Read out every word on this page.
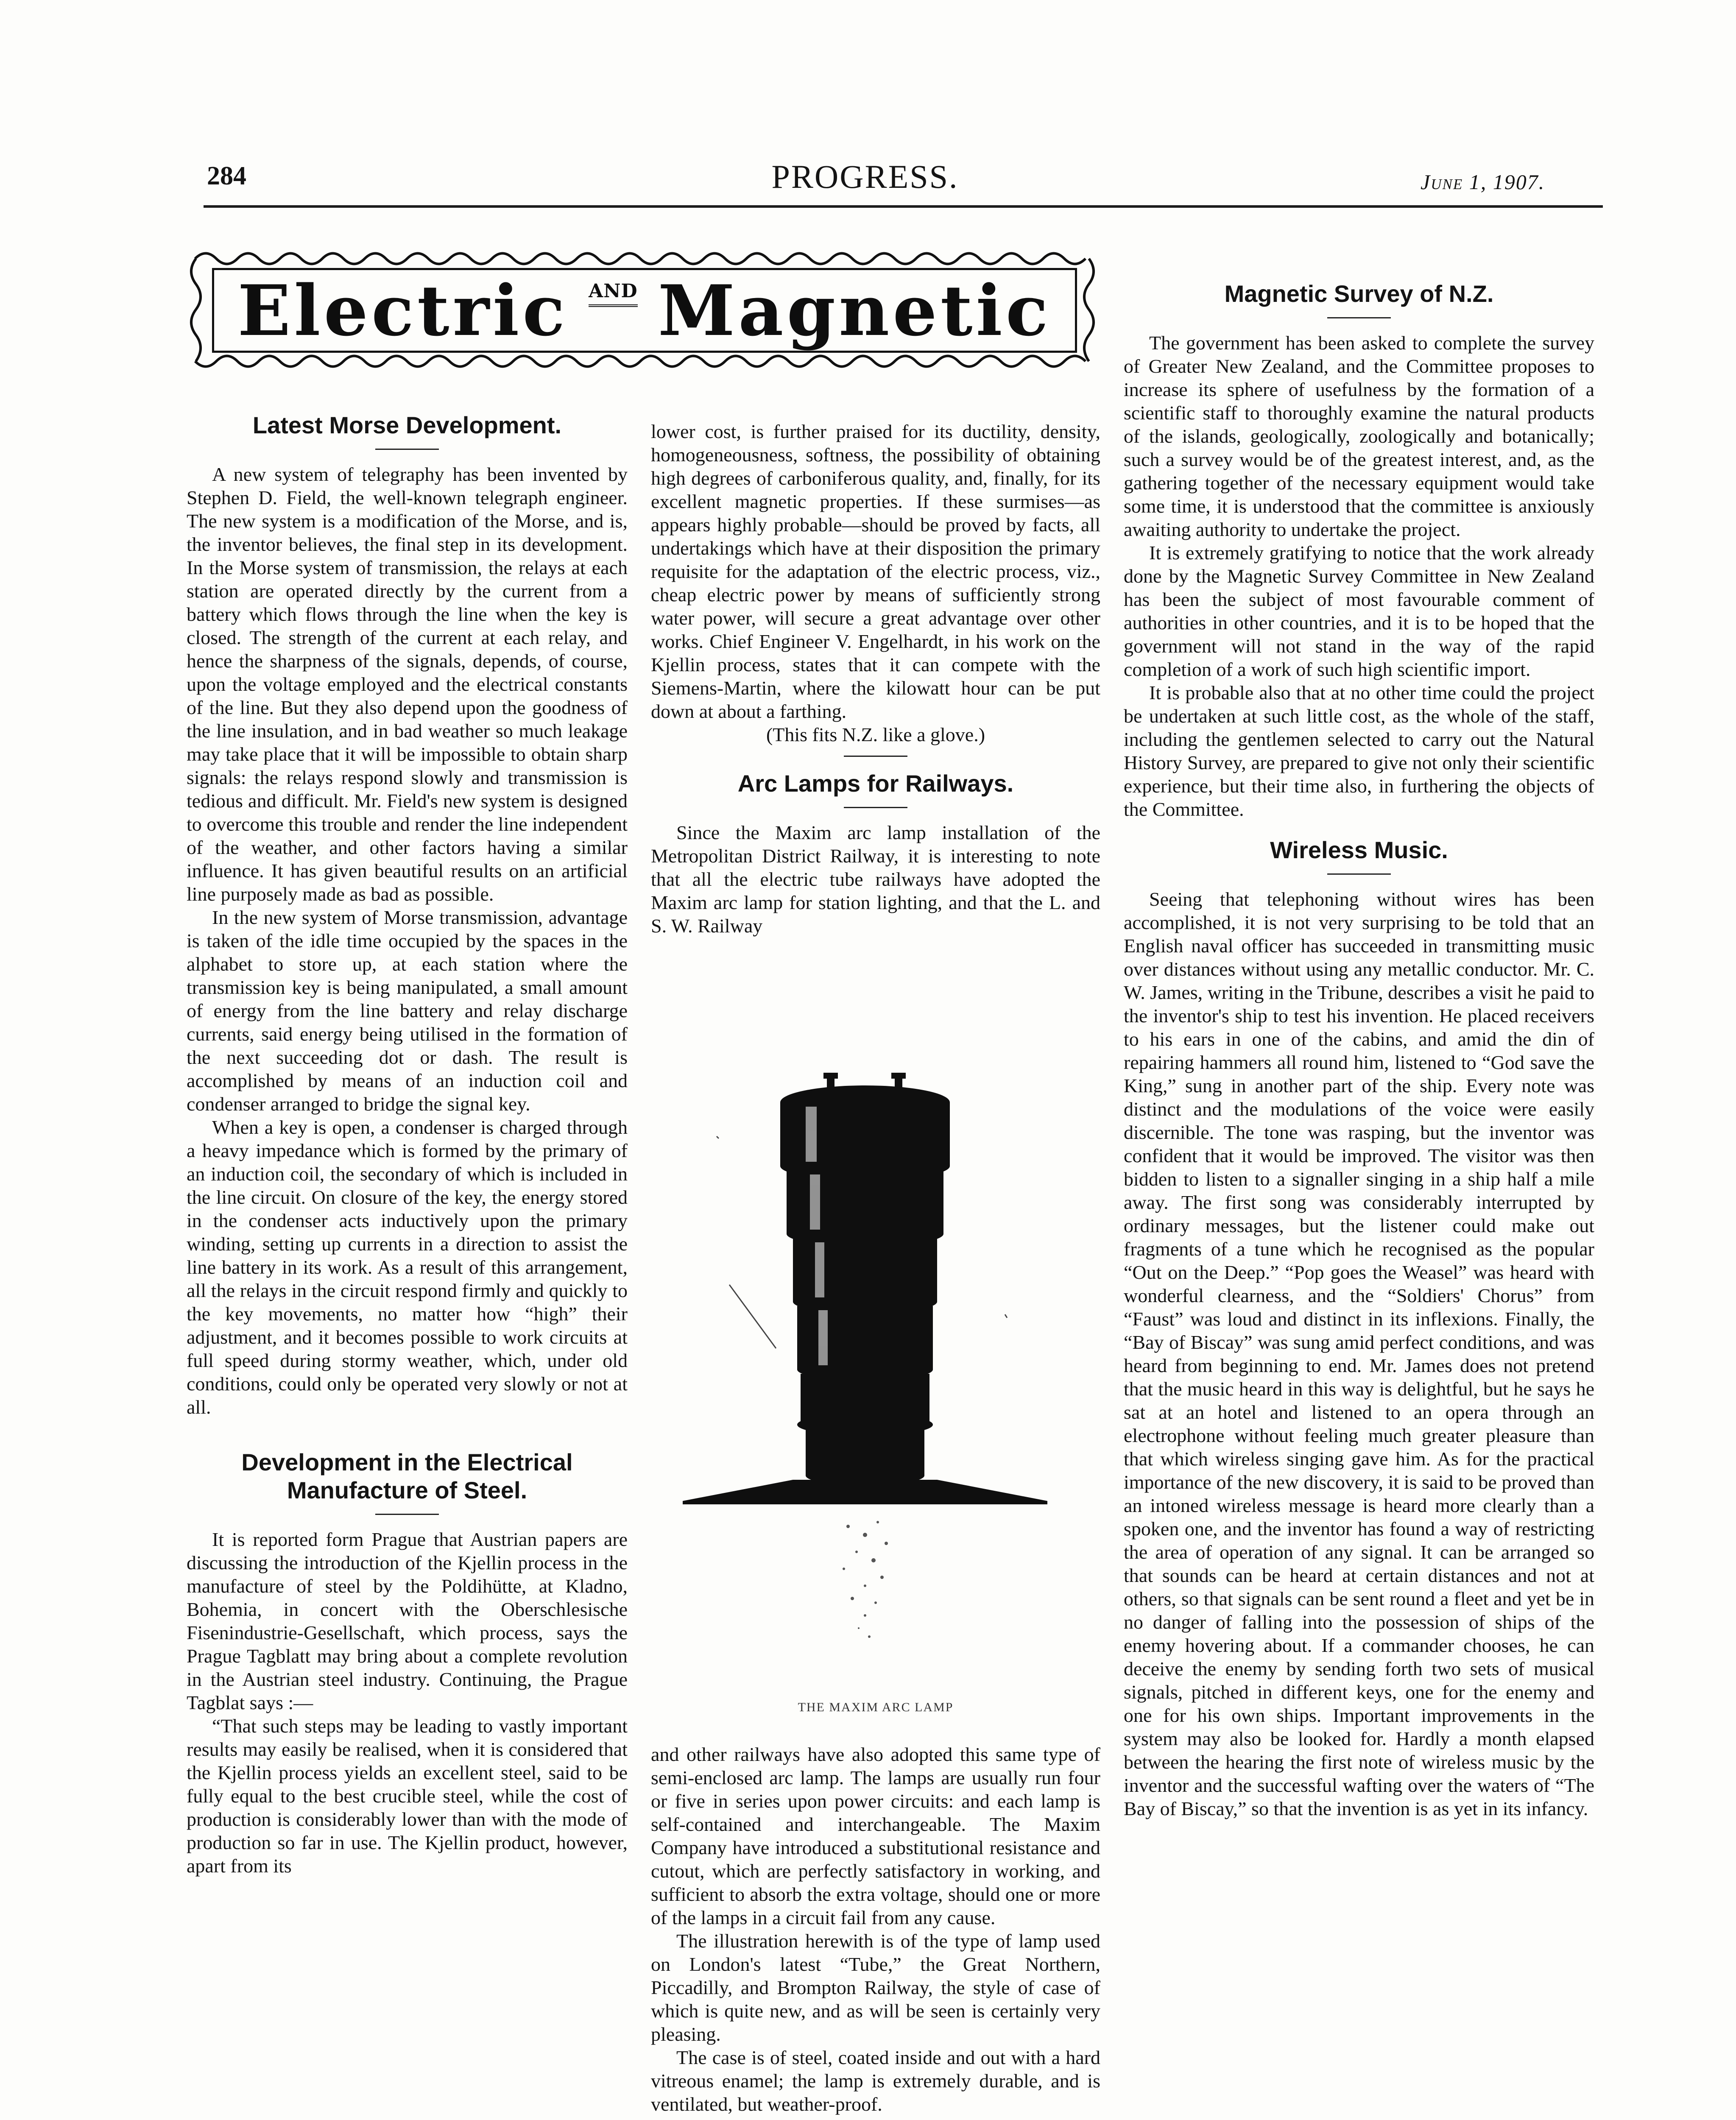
284	PROGRESS.	June 1, 1907.
Electric AND Magnetic
Latest Morse Development.

A new system of telegraphy has been invented by Stephen D. Field, the well-known telegraph engineer. The new system is a modification of the Morse, and is, the inventor believes, the final step in its development. In the Morse system of transmission, the relays at each station are operated directly by the current from a battery which flows through the line when the key is closed. The strength of the current at each relay, and hence the sharpness of the signals, depends, of course, upon the voltage employed and the electrical constants of the line. But they also depend upon the goodness of the line insulation, and in bad weather so much leakage may take place that it will be impossible to obtain sharp signals: the relays respond slowly and transmission is tedious and difficult. Mr. Field's new system is designed to overcome this trouble and render the line independent of the weather, and other factors having a similar influence. It has given beautiful results on an artificial line purposely made as bad as possible.

In the new system of Morse transmission, advantage is taken of the idle time occupied by the spaces in the alphabet to store up, at each station where the transmission key is being manipulated, a small amount of energy from the line battery and relay discharge currents, said energy being utilised in the formation of the next succeeding dot or dash. The result is accomplished by means of an induction coil and condenser arranged to bridge the signal key.

When a key is open, a condenser is charged through a heavy impedance which is formed by the primary of an induction coil, the secondary of which is included in the line circuit. On closure of the key, the energy stored in the condenser acts inductively upon the primary winding, setting up currents in a direction to assist the line battery in its work. As a result of this arrangement, all the relays in the circuit respond firmly and quickly to the key movements, no matter how “high” their adjustment, and it becomes possible to work circuits at full speed during stormy weather, which, under old conditions, could only be operated very slowly or not at all.

Development in the Electrical
Manufacture of Steel.

It is reported form Prague that Austrian papers are discussing the introduction of the Kjellin process in the manufacture of steel by the Poldihütte, at Kladno, Bohemia, in concert with the Oberschlesische Fisenindustrie-Gesellschaft, which process, says the Prague Tagblatt may bring about a complete revolution in the Austrian steel industry. Continuing, the Prague Tagblat says :—

“That such steps may be leading to vastly important results may easily be realised, when it is considered that the Kjellin process yields an excellent steel, said to be fully equal to the best crucible steel, while the cost of production is considerably lower than with the mode of production so far in use. The Kjellin product, however, apart from its

lower cost, is further praised for its ductility, density, homogeneousness, softness, the possibility of obtaining high degrees of carboniferous quality, and, finally, for its excellent magnetic properties. If these surmises—as appears highly probable—should be proved by facts, all undertakings which have at their disposition the primary requisite for the adaptation of the electric process, viz., cheap electric power by means of sufficiently strong water power, will secure a great advantage over other works. Chief Engineer V. Engelhardt, in his work on the Kjellin process, states that it can compete with the Siemens-Martin, where the kilowatt hour can be put down at about a farthing.

(This fits N.Z. like a glove.)

Arc Lamps for Railways.

Since the Maxim arc lamp installation of the Metropolitan District Railway, it is interesting to note that all the electric tube railways have adopted the Maxim arc lamp for station lighting, and that the L. and S. W. Railway

THE MAXIM ARC LAMP

and other railways have also adopted this same type of semi-enclosed arc lamp. The lamps are usually run four or five in series upon power circuits: and each lamp is self-contained and interchangeable. The Maxim Company have introduced a substitutional resistance and cutout, which are perfectly satisfactory in working, and sufficient to absorb the extra voltage, should one or more of the lamps in a circuit fail from any cause.

The illustration herewith is of the type of lamp used on London's latest “Tube,” the Great Northern, Piccadilly, and Brompton Railway, the style of case of which is quite new, and as will be seen is certainly very pleasing.

The case is of steel, coated inside and out with a hard vitreous enamel; the lamp is extremely durable, and is ventilated, but weather-proof.

Magnetic Survey of N.Z.

The government has been asked to complete the survey of Greater New Zealand, and the Committee proposes to increase its sphere of usefulness by the formation of a scientific staff to thoroughly examine the natural products of the islands, geologically, zoologically and botanically; such a survey would be of the greatest interest, and, as the gathering together of the necessary equipment would take some time, it is understood that the committee is anxiously awaiting authority to undertake the project.

It is extremely gratifying to notice that the work already done by the Magnetic Survey Committee in New Zealand has been the subject of most favourable comment of authorities in other countries, and it is to be hoped that the government will not stand in the way of the rapid completion of a work of such high scientific import.

It is probable also that at no other time could the project be undertaken at such little cost, as the whole of the staff, including the gentlemen selected to carry out the Natural History Survey, are prepared to give not only their scientific experience, but their time also, in furthering the objects of the Committee.

Wireless Music.

Seeing that telephoning without wires has been accomplished, it is not very surprising to be told that an English naval officer has succeeded in transmitting music over distances without using any metallic conductor. Mr. C. W. James, writing in the Tribune, describes a visit he paid to the inventor's ship to test his invention. He placed receivers to his ears in one of the cabins, and amid the din of repairing hammers all round him, listened to “God save the King,” sung in another part of the ship. Every note was distinct and the modulations of the voice were easily discernible. The tone was rasping, but the inventor was confident that it would be improved. The visitor was then bidden to listen to a signaller singing in a ship half a mile away. The first song was considerably interrupted by ordinary messages, but the listener could make out fragments of a tune which he recognised as the popular “Out on the Deep.” “Pop goes the Weasel” was heard with wonderful clearness, and the “Soldiers' Chorus” from “Faust” was loud and distinct in its inflexions. Finally, the “Bay of Biscay” was sung amid perfect conditions, and was heard from beginning to end. Mr. James does not pretend that the music heard in this way is delightful, but he says he sat at an hotel and listened to an opera through an electrophone without feeling much greater pleasure than that which wireless singing gave him. As for the practical importance of the new discovery, it is said to be proved than an intoned wireless message is heard more clearly than a spoken one, and the inventor has found a way of restricting the area of operation of any signal. It can be arranged so that sounds can be heard at certain distances and not at others, so that signals can be sent round a fleet and yet be in no danger of falling into the possession of ships of the enemy hovering about. If a commander chooses, he can deceive the enemy by sending forth two sets of musical signals, pitched in different keys, one for the enemy and one for his own ships. Important improvements in the system may also be looked for. Hardly a month elapsed between the hearing the first note of wireless music by the inventor and the successful wafting over the waters of “The Bay of Biscay,” so that the invention is as yet in its infancy.
